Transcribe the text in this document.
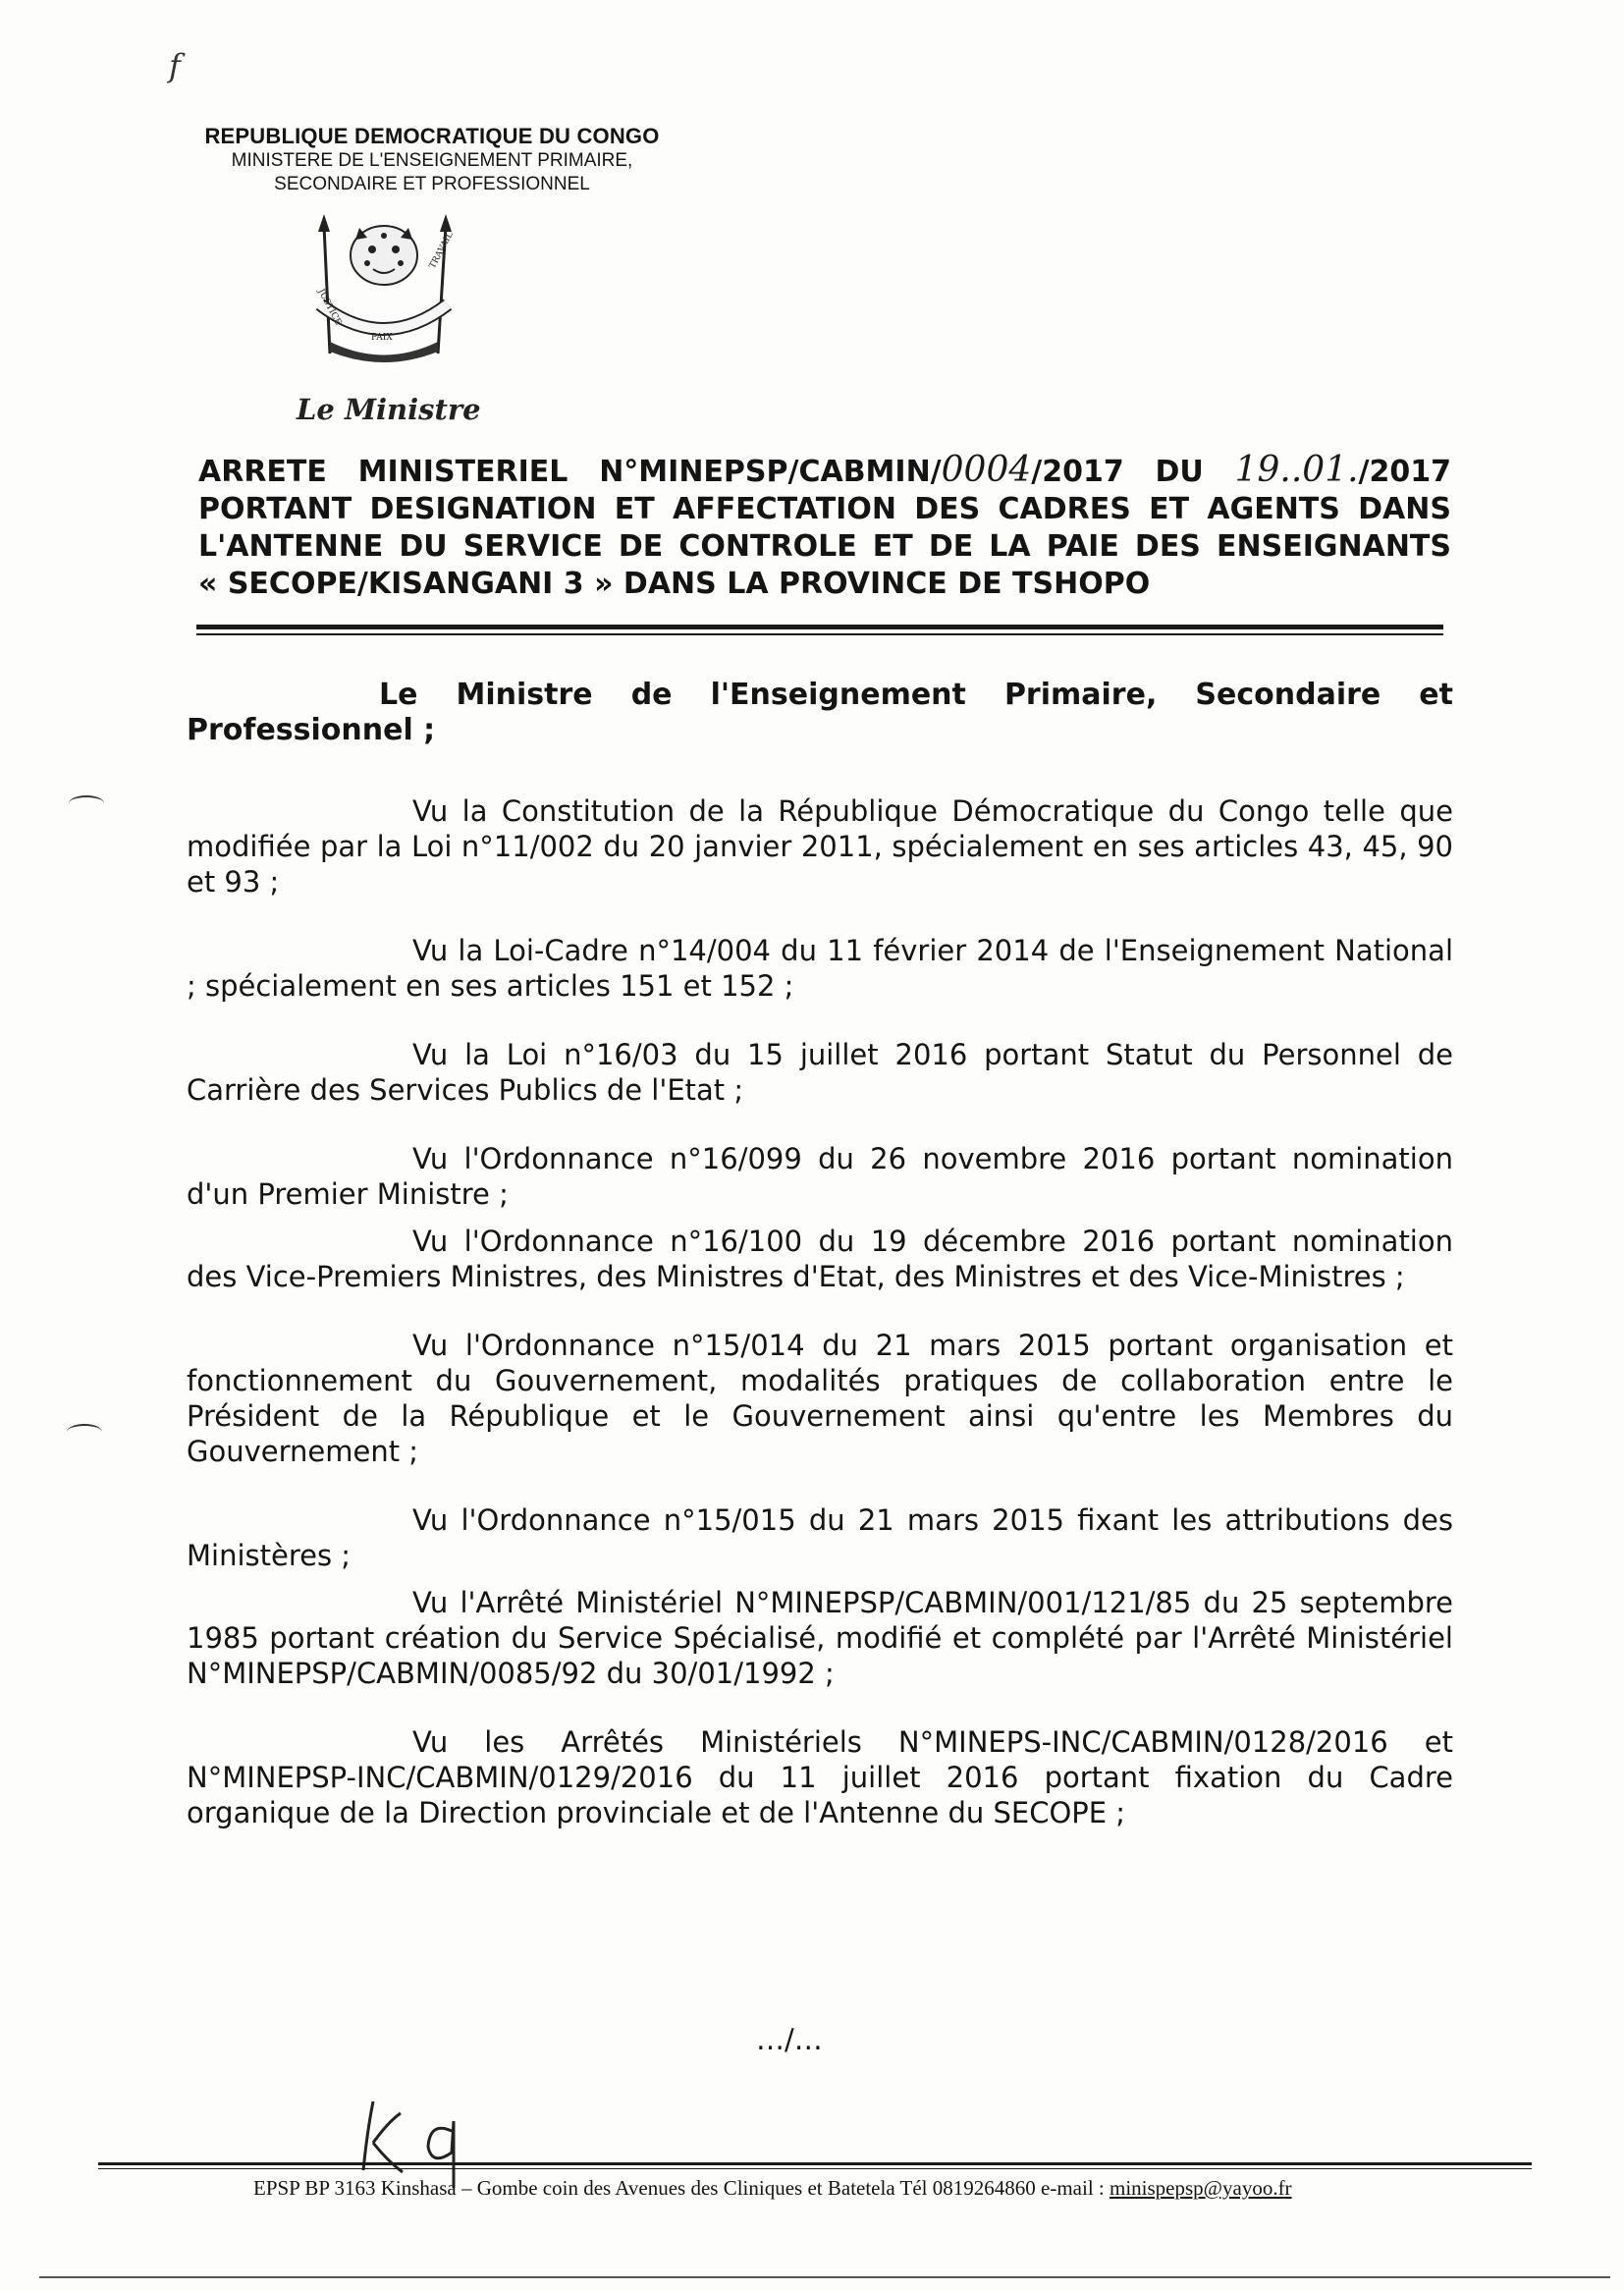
f
REPUBLIQUE DEMOCRATIQUE DU CONGO
MINISTERE DE L'ENSEIGNEMENT PRIMAIRE,
SECONDAIRE ET PROFESSIONNEL
JUSTICE
PAIX
TRAVAIL
Le Ministre
ARRETE MINISTERIEL N°MINEPSP/CABMIN/0004/2017 DU 19..01./2017
PORTANT DESIGNATION ET AFFECTATION DES CADRES ET AGENTS DANS
L'ANTENNE DU SERVICE DE CONTROLE ET DE LA PAIE DES ENSEIGNANTS
« SECOPE/KISANGANI 3 » DANS LA PROVINCE DE TSHOPO

Le Ministre de l'Enseignement Primaire, Secondaire et Professionnel ;

Vu la Constitution de la République Démocratique du Congo telle que modifiée par la Loi n°11/002 du 20 janvier 2011, spécialement en ses articles 43, 45, 90 et 93 ;

Vu la Loi-Cadre n°14/004 du 11 février 2014 de l'Enseignement National ; spécialement en ses articles 151 et 152 ;

Vu la Loi n°16/03 du 15 juillet 2016 portant Statut du Personnel de Carrière des Services Publics de l'Etat ;

Vu l'Ordonnance n°16/099 du 26 novembre 2016 portant nomination d'un Premier Ministre ;

Vu l'Ordonnance n°16/100 du 19 décembre 2016 portant nomination des Vice-Premiers Ministres, des Ministres d'Etat, des Ministres et des Vice-Ministres ;

Vu l'Ordonnance n°15/014 du 21 mars 2015 portant organisation et fonctionnement du Gouvernement, modalités pratiques de collaboration entre le Président de la République et le Gouvernement ainsi qu'entre les Membres du Gouvernement ;

Vu l'Ordonnance n°15/015 du 21 mars 2015 fixant les attributions des Ministères ;

Vu l'Arrêté Ministériel N°MINEPSP/CABMIN/001/121/85 du 25 septembre 1985 portant création du Service Spécialisé, modifié et complété par l'Arrêté Ministériel N°MINEPSP/CABMIN/0085/92 du 30/01/1992 ;

Vu les Arrêtés Ministériels N°MINEPS-INC/CABMIN/0128/2016 et N°MINEPSP-INC/CABMIN/0129/2016 du 11 juillet 2016 portant fixation du Cadre organique de la Direction provinciale et de l'Antenne du SECOPE ;

…/…
EPSP BP 3163 Kinshasa – Gombe coin des Avenues des Cliniques et Batetela Tél 0819264860 e-mail : minispepsp@yayoo.fr
